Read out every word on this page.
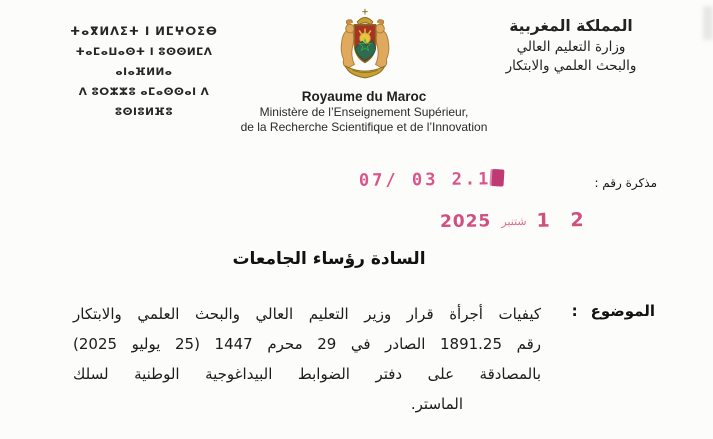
ⵜⴰⴳⵍⴷⵉⵜ ⵏ ⵍⵎⵖⵔⵉⴱ
ⵜⴰⵎⴰⵡⴰⵙⵜ ⵏ ⵓⵙⵙⵍⵎⴷ ⴰⵏⴰⴼⵍⵍⴰ
ⴷ ⵓⵔⵣⵣⵓ ⴰⵎⴰⵙⵙⴰⵏ ⴷ ⵓⵙⵏⵓⵍⴼⵓ
Royaume du Maroc
Ministère de l’Enseignement Supérieur,
de la Recherche Scientifique et de l’Innovation
المملكة المغربية
وزارة التعليم العالي
والبحث العلمي والابتكار
مذكرة رقم :
07/ 03 2.1
2025 شتنبر 1 2
السادة رؤساء الجامعات
الموضوع
:
كيفيات أجرأة قرار وزير التعليم العالي والبحث العلمي والابتكار
رقم 1891.25 الصادر في 29 محرم 1447 (25 يوليو 2025)
بالمصادقة على دفتر الضوابط البيداغوجية الوطنية لسلك
الماستر.
